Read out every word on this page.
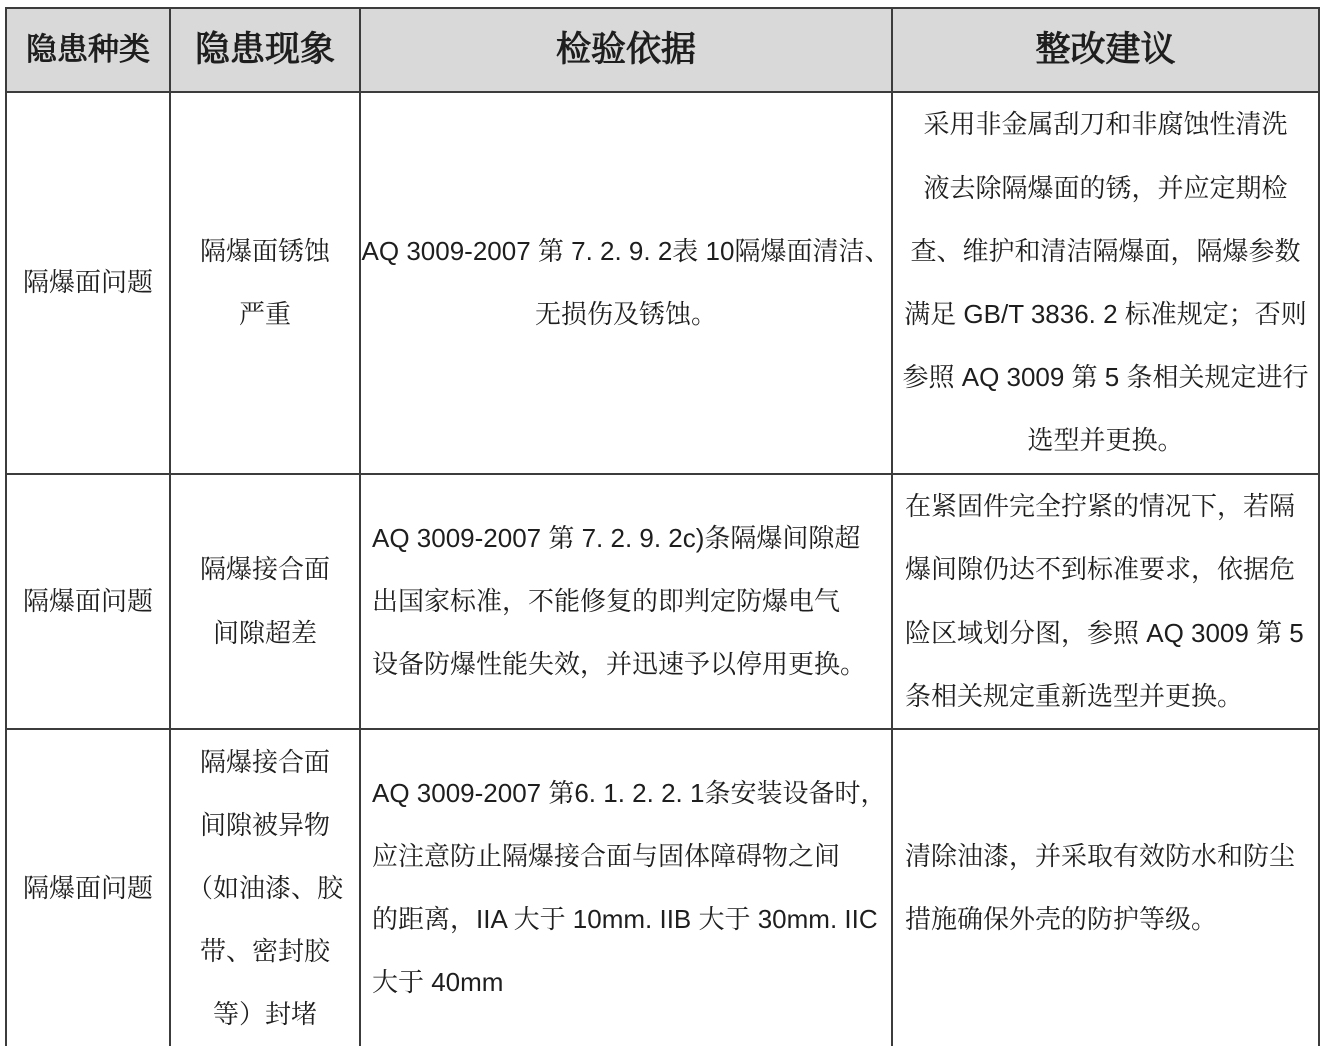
隐患种类 隐患现象	检验依据	整改建议
隔爆面问题
隔爆面锈蚀
严重
AQ 3009-2007 第 7. 2. 9. 2表 10隔爆面清洁、
无损伤及锈蚀。
采用非金属刮刀和非腐蚀性清洗
液去除隔爆面的锈，并应定期检
查、维护和清洁隔爆面，隔爆参数
满足 GB/T 3836. 2 标准规定；否则
参照 AQ 3009 第 5 条相关规定进行
选型并更换。
隔爆面问题
隔爆接合面
间隙超差
AQ 3009-2007 第 7. 2. 9. 2c)条隔爆间隙超
出国家标准，不能修复的即判定防爆电气
设备防爆性能失效，并迅速予以停用更换。
在紧固件完全拧紧的情况下，若隔
爆间隙仍达不到标准要求，依据危
险区域划分图，参照 AQ 3009 第 5
条相关规定重新选型并更换。
隔爆面问题
隔爆接合面
间隙被异物
（如油漆、胶
带、密封胶
等）封堵
AQ 3009-2007 第6. 1. 2. 2. 1条安装设备时，
应注意防止隔爆接合面与固体障碍物之间
的距离，IIA 大于 10mm. IIB 大于 30mm. IIC
大于 40mm
清除油漆，并采取有效防水和防尘
措施确保外壳的防护等级。
